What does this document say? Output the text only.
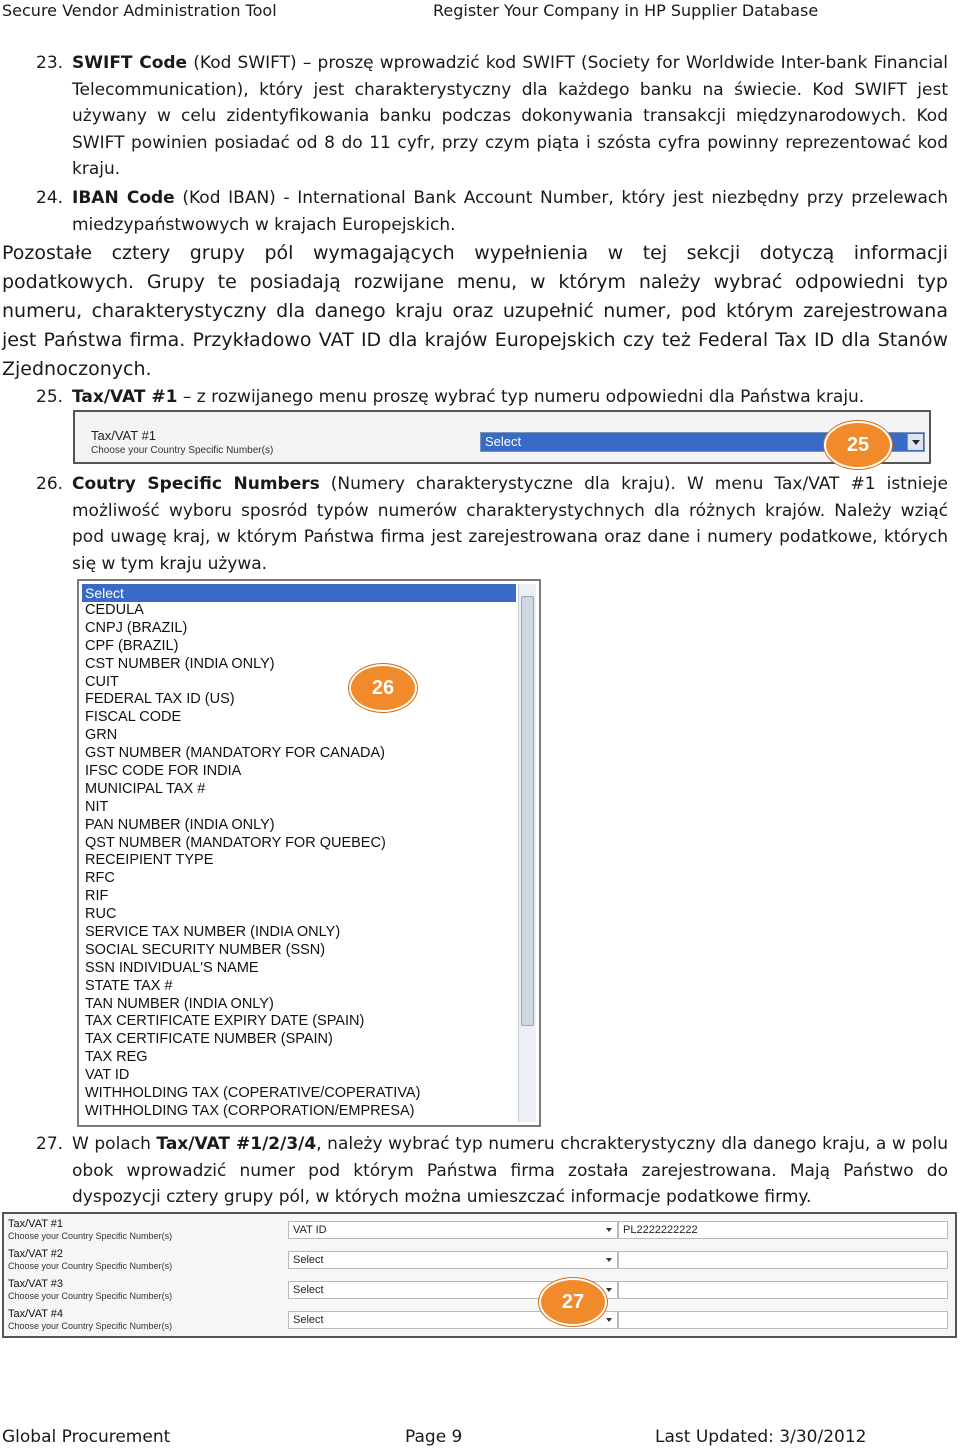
Secure Vendor Administration Tool	Register Your Company in HP Supplier Database
23. SWIFT Code (Kod SWIFT) – proszę wprowadzić kod SWIFT (Society for Worldwide Inter-bank Financial Telecommunication), który jest charakterystyczny dla każdego banku na świecie. Kod SWIFT jest używany w celu zidentyfikowania banku podczas dokonywania transakcji międzynarodowych. Kod SWIFT powinien posiadać od 8 do 11 cyfr, przy czym piąta i szósta cyfra powinny reprezentować kod kraju.
24. IBAN Code (Kod IBAN) - International Bank Account Number, który jest niezbędny przy przelewach miedzypaństwowych w krajach Europejskich.
Pozostałe cztery grupy pól wymagających wypełnienia w tej sekcji dotyczą informacji podatkowych. Grupy te posiadają rozwijane menu, w którym należy wybrać odpowiedni typ numeru, charakterystyczny dla danego kraju oraz uzupełnić numer, pod którym zarejestrowana jest Państwa firma. Przykładowo VAT ID dla krajów Europejskich czy też Federal Tax ID dla Stanów Zjednoczonych.
25. Tax/VAT #1 – z rozwijanego menu proszę wybrać typ numeru odpowiedni dla Państwa kraju.
Tax/VAT #1
Choose your Country Specific Number(s)
Select	25
26. Coutry Specific Numbers (Numery charakterystyczne dla kraju). W menu Tax/VAT #1 istnieje możliwość wyboru sposród typów numerów charakterystychnych dla różnych krajów. Należy wziąć pod uwagę kraj, w którym Państwa firma jest zarejestrowana oraz dane i numery podatkowe, których się w tym kraju używa.
Select
CEDULA
CNPJ (BRAZIL)
CPF (BRAZIL)
CST NUMBER (INDIA ONLY)
CUIT
FEDERAL TAX ID (US)
FISCAL CODE
GRN
GST NUMBER (MANDATORY FOR CANADA)
IFSC CODE FOR INDIA
MUNICIPAL TAX #
NIT
PAN NUMBER (INDIA ONLY)
QST NUMBER (MANDATORY FOR QUEBEC)
RECEIPIENT TYPE
RFC
RIF
RUC
SERVICE TAX NUMBER (INDIA ONLY)
SOCIAL SECURITY NUMBER (SSN)
SSN INDIVIDUAL'S NAME
STATE TAX #
TAN NUMBER (INDIA ONLY)
TAX CERTIFICATE EXPIRY DATE (SPAIN)
TAX CERTIFICATE NUMBER (SPAIN)
TAX REG
VAT ID
WITHHOLDING TAX (COPERATIVE/COPERATIVA)
WITHHOLDING TAX (CORPORATION/EMPRESA)
26
27. W polach Tax/VAT #1/2/3/4, należy wybrać typ numeru chcrakterystyczny dla danego kraju, a w polu obok wprowadzić numer pod którym Państwa firma została zarejestrowana. Mają Państwo do dyspozycji cztery grupy pól, w których można umieszczać informacje podatkowe firmy.
Tax/VAT #1
Choose your Country Specific Number(s)	VAT ID	PL2222222222
Tax/VAT #2
Choose your Country Specific Number(s)	Select
Tax/VAT #3
Choose your Country Specific Number(s)	Select
Tax/VAT #4
Choose your Country Specific Number(s)	Select
27
Global Procurement	Page 9	Last Updated: 3/30/2012
